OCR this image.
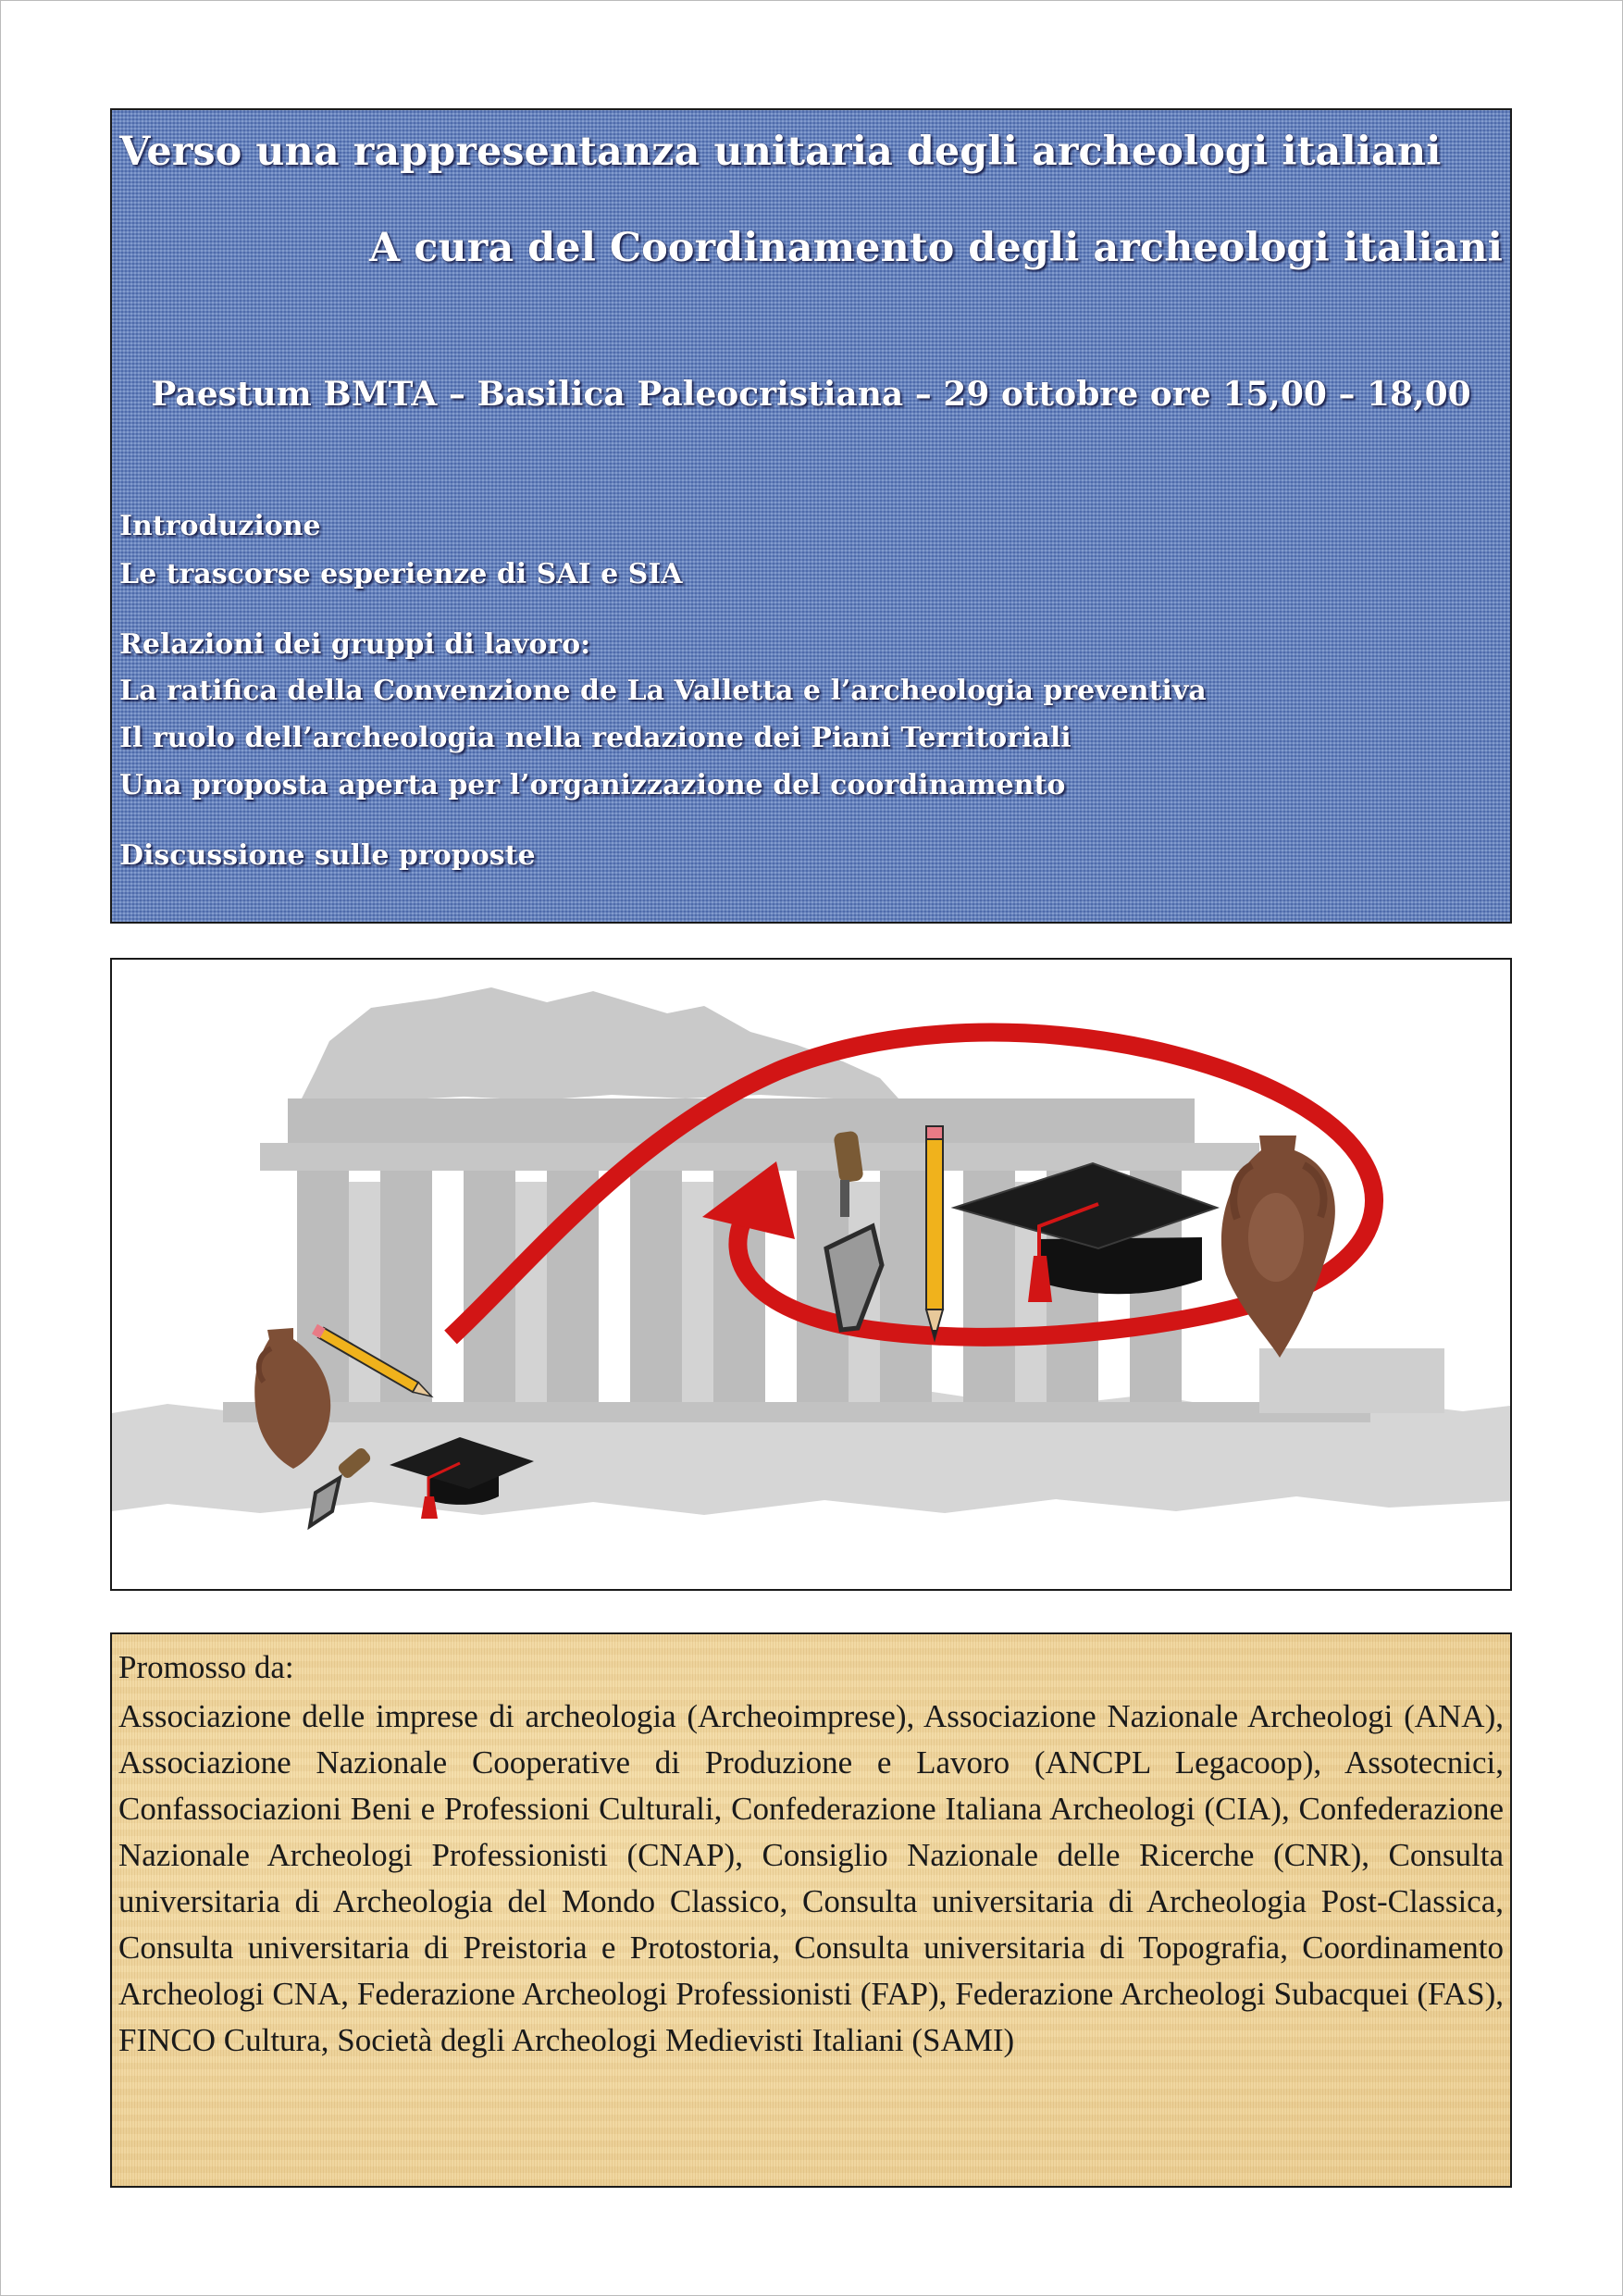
Verso una rappresentanza unitaria degli archeologi italiani
A cura del Coordinamento degli archeologi italiani

Paestum BMTA – Basilica Paleocristiana – 29 ottobre ore 15,00 – 18,00

Introduzione

Le trascorse esperienze di SAI e SIA

Relazioni dei gruppi di lavoro:

La ratifica della Convenzione de La Valletta e l’archeologia preventiva

Il ruolo dell’archeologia nella redazione dei Piani Territoriali

Una proposta aperta per l’organizzazione del coordinamento

Discussione sulle proposte

Promosso da:

Associazione delle imprese di archeologia (Archeoimprese), Associazione Nazionale Archeologi (ANA), Associazione Nazionale Cooperative di Produzione e Lavoro (ANCPL Legacoop), Assotecnici, Confassociazioni Beni e Professioni Culturali, Confederazione Italiana Archeologi (CIA), Confederazione Nazionale Archeologi Professionisti (CNAP), Consiglio Nazionale delle Ricerche (CNR), Consulta universitaria di Archeologia del Mondo Classico, Consulta universitaria di Archeologia Post-Classica, Consulta universitaria di Preistoria e Protostoria, Consulta universitaria di Topografia, Coordinamento Archeologi CNA, Federazione Archeologi Professionisti (FAP), Federazione Archeologi Subacquei (FAS), FINCO Cultura, Società degli Archeologi Medievisti Italiani (SAMI)
